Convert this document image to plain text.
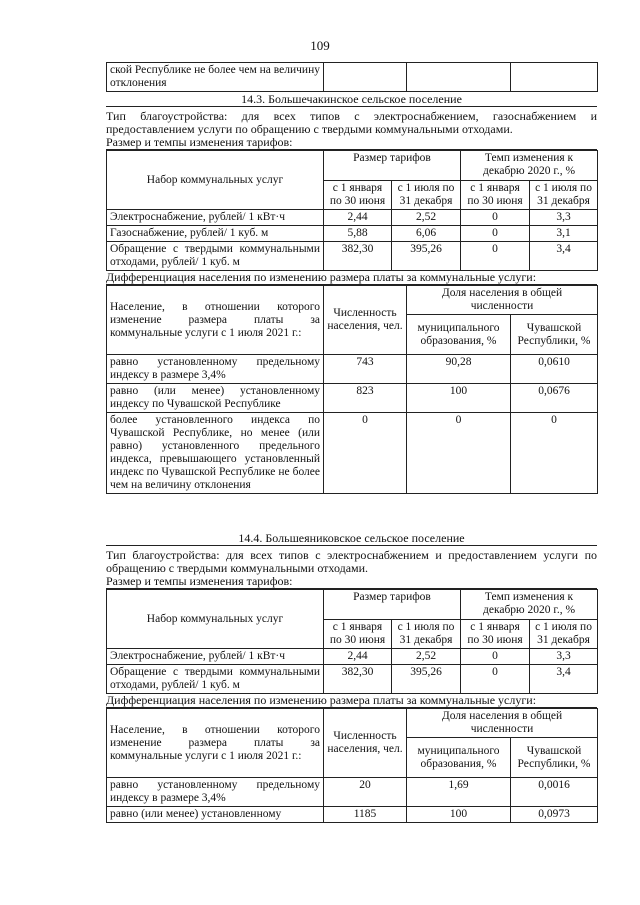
109
ской Республике не более чем на величину отклонения			
14.3. Большечакинское сельское поселение
Тип благоустройства: для всех типов с электроснабжением, газоснабжением и предоставлением услуги по обращению с твердыми коммунальными отходами.
Размер и темпы изменения тарифов:
Набор коммунальных услуг	Размер тарифов		Темп изменения к декабрю 2020 г., %	
	с 1 января по 30 июня	с 1 июля по 31 декабря	с 1 января по 30 июня	с 1 июля по 31 декабря
Электроснабжение, рублей/ 1 кВт·ч	2,44	2,52	0	3,3
Газоснабжение, рублей/ 1 куб. м	5,88	6,06	0	3,1
Обращение с твердыми коммунальными отходами, рублей/ 1 куб. м	382,30	395,26	0	3,4
Дифференциация населения по изменению размера платы за коммунальные услуги:
Население, в отношении которого изменение размера платы за коммунальные услуги с 1 июля 2021 г.:	Численность населения, чел.	Доля населения в общей численности	
		муниципального образования, %	Чувашской Республики, %
равно установленному предельному индексу в размере 3,4%	743	90,28	0,0610
равно (или менее) установленному индексу по Чувашской Республике	823	100	0,0676
более установленного индекса по Чувашской Республике, но менее (или равно) установленного предельного индекса, превышающего установленный индекс по Чувашской Республике не более чем на величину отклонения	0	0	0
14.4. Большеяниковское сельское поселение
Тип благоустройства: для всех типов с электроснабжением и предоставлением услуги по обращению с твердыми коммунальными отходами.
Размер и темпы изменения тарифов:
Набор коммунальных услуг	Размер тарифов		Темп изменения к декабрю 2020 г., %	
	с 1 января по 30 июня	с 1 июля по 31 декабря	с 1 января по 30 июня	с 1 июля по 31 декабря
Электроснабжение, рублей/ 1 кВт·ч	2,44	2,52	0	3,3
Обращение с твердыми коммунальными отходами, рублей/ 1 куб. м	382,30	395,26	0	3,4
Дифференциация населения по изменению размера платы за коммунальные услуги:
Население, в отношении которого изменение размера платы за коммунальные услуги с 1 июля 2021 г.:	Численность населения, чел.	Доля населения в общей численности	
		муниципального образования, %	Чувашской Республики, %
равно установленному предельному индексу в размере 3,4%	20	1,69	0,0016
равно (или менее) установленному	1185	100	0,0973
